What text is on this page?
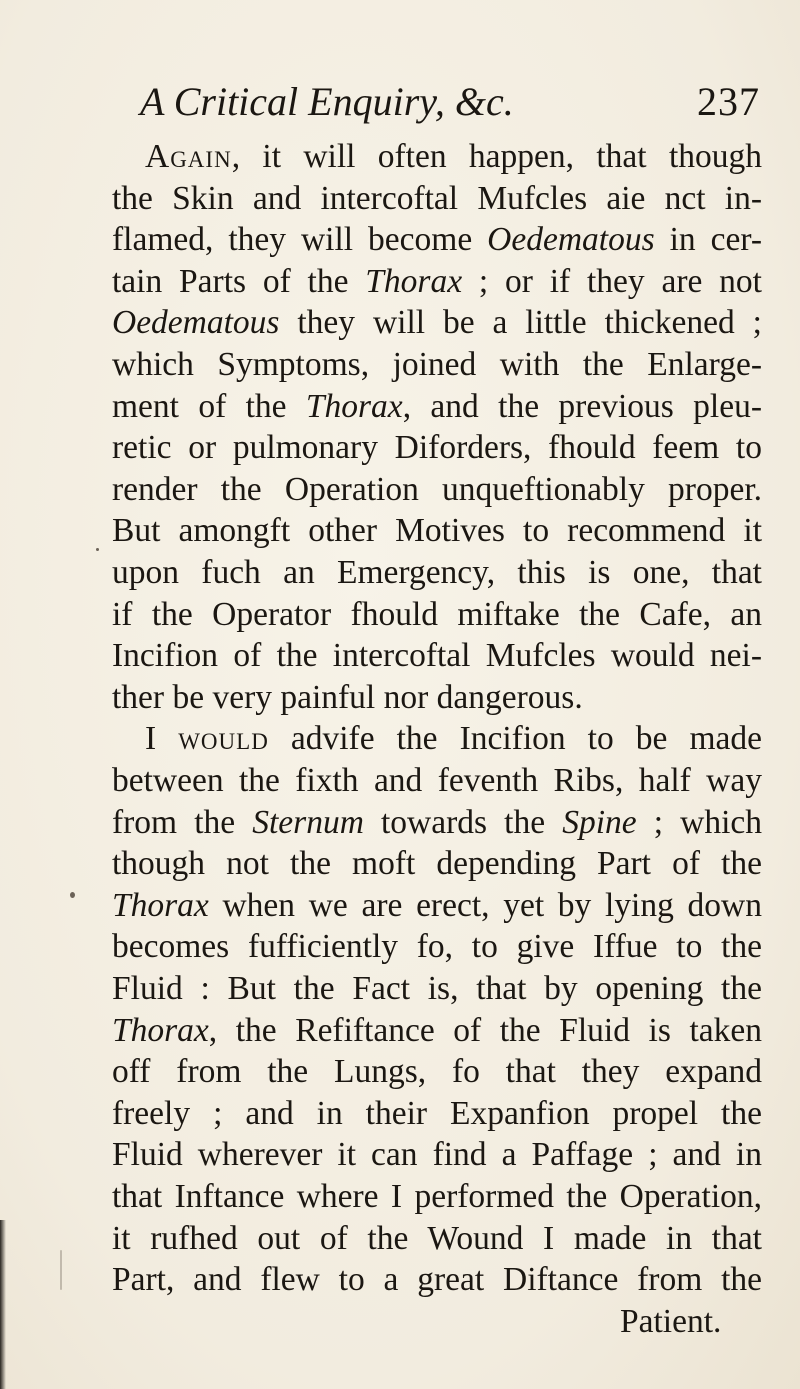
A Critical Enquiry, &c.	237
Again, it will often happen, that though
the Skin and intercoftal Mufcles aie nct in-
flamed, they will become Oedematous in cer-
tain Parts of the Thorax ; or if they are not
Oedematous they will be a little thickened ;
which Symptoms, joined with the Enlarge-
ment of the Thorax, and the previous pleu-
retic or pulmonary Diforders, fhould feem to
render the Operation unqueftionably proper.
But amongft other Motives to recommend it
upon fuch an Emergency, this is one, that
if the Operator fhould miftake the Cafe, an
Incifion of the intercoftal Mufcles would nei-
ther be very painful nor dangerous.
I would advife the Incifion to be made
between the fixth and feventh Ribs, half way
from the Sternum towards the Spine ; which
though not the moft depending Part of the
Thorax when we are erect, yet by lying down
becomes fufficiently fo, to give Iffue to the
Fluid : But the Fact is, that by opening the
Thorax, the Refiftance of the Fluid is taken
off from the Lungs, fo that they expand
freely ; and in their Expanfion propel the
Fluid wherever it can find a Paffage ; and in
that Inftance where I performed the Operation,
it rufhed out of the Wound I made in that
Part, and flew to a great Diftance from the
Patient.
